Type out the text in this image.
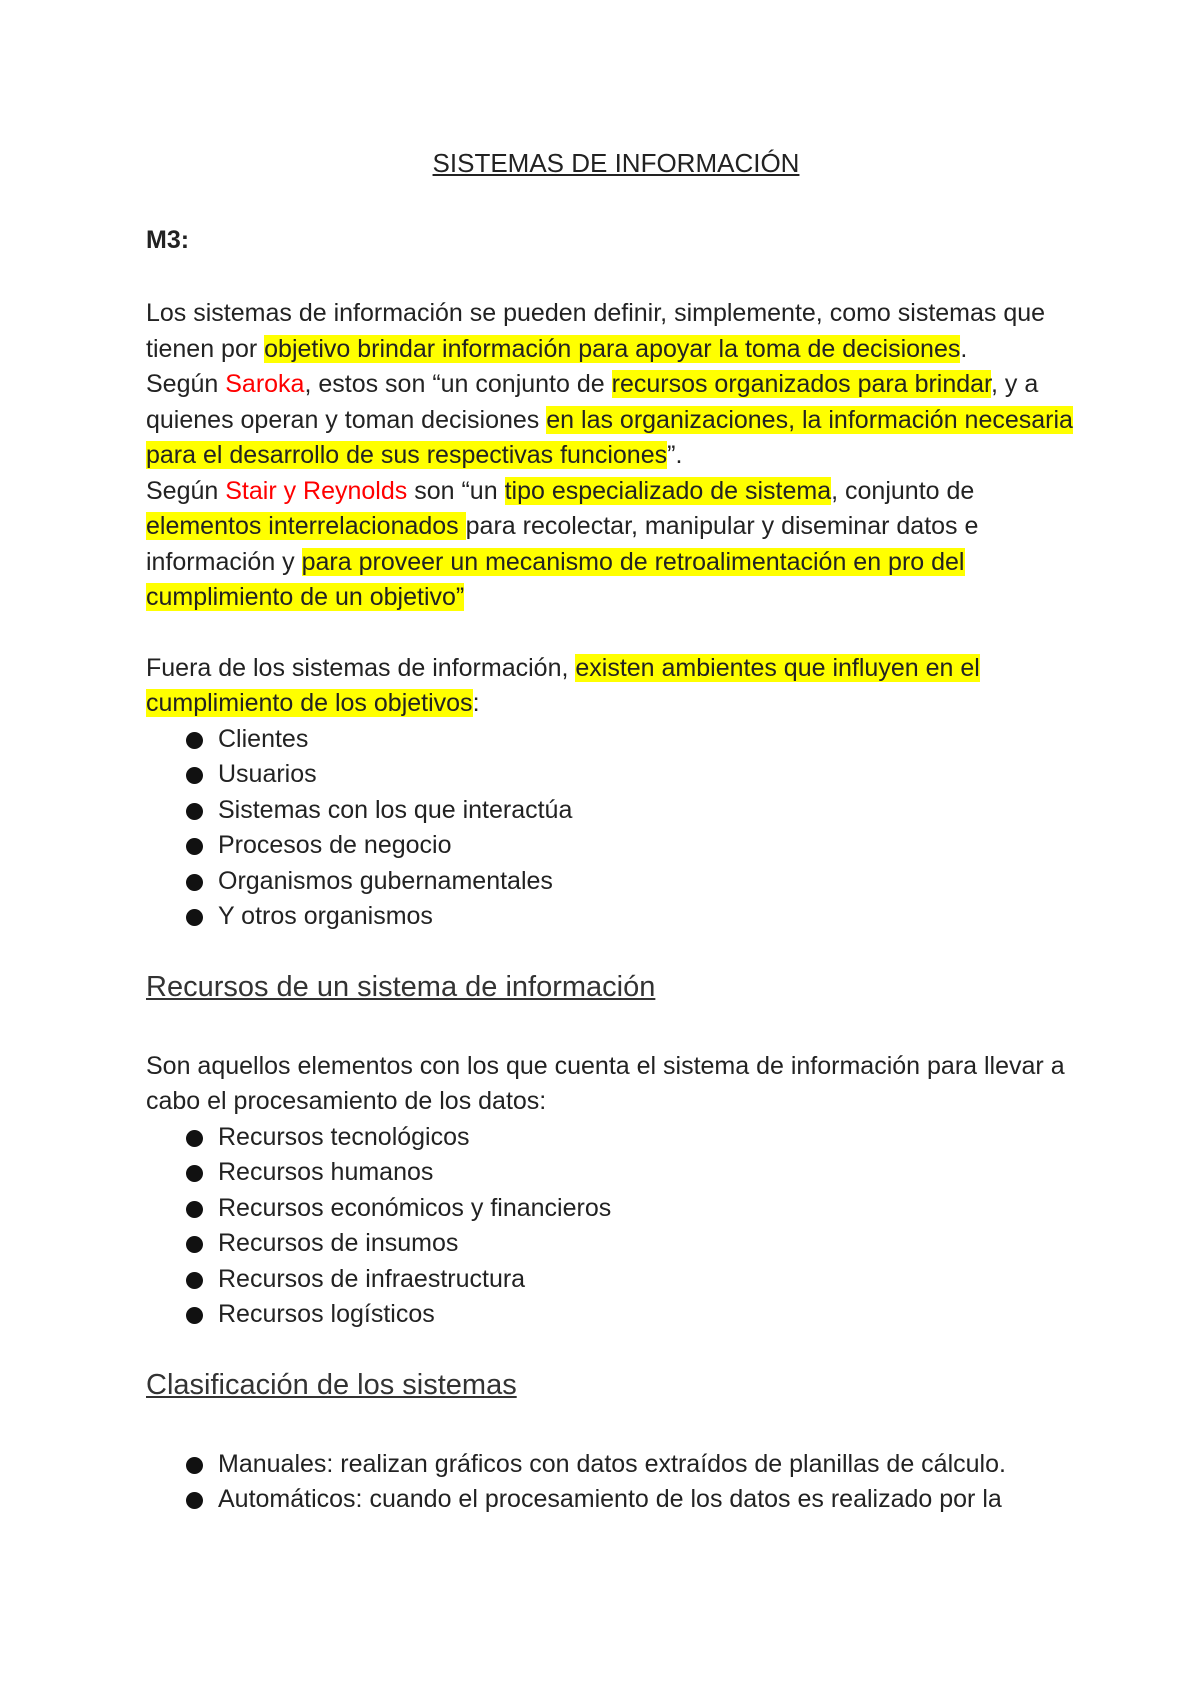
SISTEMAS DE INFORMACIÓN
M3:

Los sistemas de información se pueden definir, simplemente, como sistemas que tienen por objetivo brindar información para apoyar la toma de decisiones.

Según Saroka, estos son “un conjunto de recursos organizados para brindar, y a quienes operan y toman decisiones en las organizaciones, la información necesaria para el desarrollo de sus respectivas funciones”.

Según Stair y Reynolds son “un tipo especializado de sistema, conjunto de elementos interrelacionados para recolectar, manipular y diseminar datos e información y para proveer un mecanismo de retroalimentación en pro del cumplimiento de un objetivo”

Fuera de los sistemas de información, existen ambientes que influyen en el cumplimiento de los objetivos:

Clientes
Usuarios
Sistemas con los que interactúa
Procesos de negocio
Organismos gubernamentales
Y otros organismos
Recursos de un sistema de información

Son aquellos elementos con los que cuenta el sistema de información para llevar a cabo el procesamiento de los datos:

Recursos tecnológicos
Recursos humanos
Recursos económicos y financieros
Recursos de insumos
Recursos de infraestructura
Recursos logísticos
Clasificación de los sistemas
Manuales: realizan gráficos con datos extraídos de planillas de cálculo.
Automáticos: cuando el procesamiento de los datos es realizado por la
